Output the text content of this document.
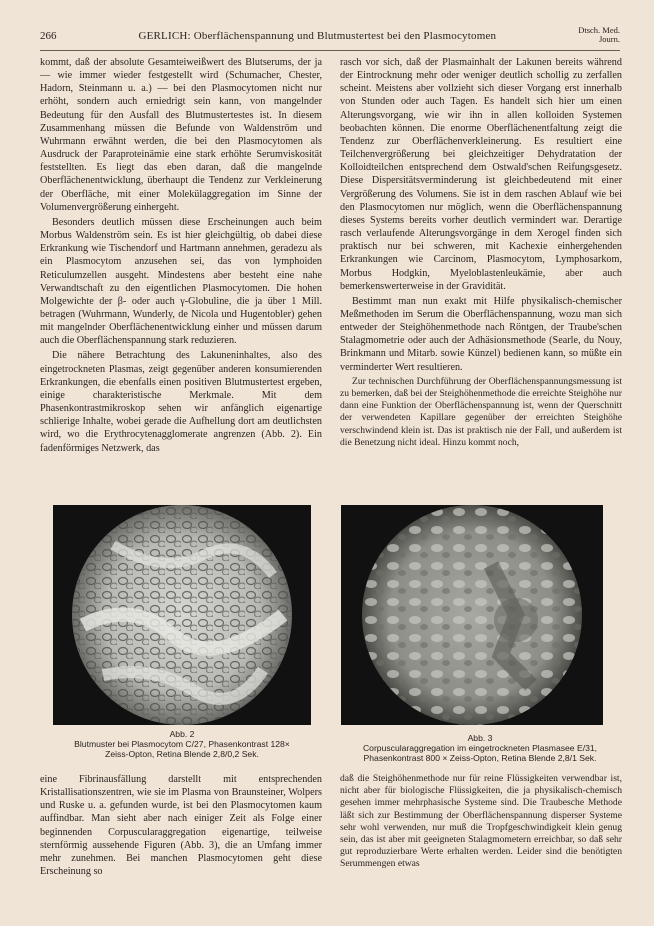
266	GERLICH: Oberflächenspannung und Blutmustertest bei den Plasmocytomen	Dtsch. Med.
Journ.

kommt, daß der absolute Gesamteiweißwert des Blutserums, der ja — wie immer wieder festgestellt wird (Schumacher, Chester, Hadorn, Steinmann u. a.) — bei den Plasmocytomen nicht nur erhöht, sondern auch erniedrigt sein kann, von mangelnder Bedeutung für den Ausfall des Blutmustertestes ist. In diesem Zusammenhang müssen die Befunde von Waldenström und Wuhrmann erwähnt werden, die bei den Plasmocytomen als Ausdruck der Paraproteinämie eine stark erhöhte Serumviskosität feststellten. Es liegt das eben daran, daß die mangelnde Oberflächenentwicklung, überhaupt die Tendenz zur Verkleinerung der Oberfläche, mit einer Molekülaggregation im Sinne der Volumenvergrößerung einhergeht.

Besonders deutlich müssen diese Erscheinungen auch beim Morbus Waldenström sein. Es ist hier gleichgültig, ob dabei diese Erkrankung wie Tischendorf und Hartmann annehmen, geradezu als ein Plasmocytom anzusehen sei, das von lymphoiden Reticulumzellen ausgeht. Mindestens aber besteht eine nahe Verwandtschaft zu den eigentlichen Plasmocytomen. Die hohen Molgewichte der β- oder auch γ-Globuline, die ja über 1 Mill. betragen (Wuhrmann, Wunderly, de Nicola und Hugentobler) gehen mit mangelnder Oberflächenentwicklung einher und müssen darum auch die Oberflächenspannung stark reduzieren.

Die nähere Betrachtung des Lakuneninhaltes, also des eingetrockneten Plasmas, zeigt gegenüber anderen konsumierenden Erkrankungen, die ebenfalls einen positiven Blutmustertest ergeben, einige charakteristische Merkmale. Mit dem Phasenkontrastmikroskop sehen wir anfänglich eigenartige schlierige Inhalte, wobei gerade die Aufhellung dort am deutlichsten wird, wo die Erythrocytenagglomerate angrenzen (Abb. 2). Ein fadenförmiges Netzwerk, das

rasch vor sich, daß der Plasmainhalt der Lakunen bereits während der Eintrocknung mehr oder weniger deutlich schollig zu zerfallen scheint. Meistens aber vollzieht sich dieser Vorgang erst innerhalb von Stunden oder auch Tagen. Es handelt sich hier um einen Alterungsvorgang, wie wir ihn in allen kolloiden Systemen beobachten können. Die enorme Oberflächenentfaltung zeigt die Tendenz zur Oberflächenverkleinerung. Es resultiert eine Teilchenvergrößerung bei gleichzeitiger Dehydratation der Kolloidteilchen entsprechend dem Ostwald'schen Reifungsgesetz. Diese Dispersitätsverminderung ist gleichbedeutend mit einer Vergrößerung des Volumens. Sie ist in dem raschen Ablauf wie bei den Plasmocytomen nur möglich, wenn die Oberflächenspannung dieses Systems bereits vorher deutlich vermindert war. Derartige rasch verlaufende Alterungsvorgänge in dem Xerogel finden sich praktisch nur bei schweren, mit Kachexie einhergehenden Erkrankungen wie Carcinom, Plasmocytom, Lymphosarkom, Morbus Hodgkin, Myeloblastenleukämie, aber auch bemerkenswerterweise in der Gravidität.

Bestimmt man nun exakt mit Hilfe physikalisch-chemischer Meßmethoden im Serum die Oberflächenspannung, wozu man sich entweder der Steighöhenmethode nach Röntgen, der Traube'schen Stalagmometrie oder auch der Adhäsionsmethode (Searle, du Nouy, Brinkmann und Mitarb. sowie Künzel) bedienen kann, so müßte ein verminderter Wert resultieren.

Zur technischen Durchführung der Oberflächenspannungsmessung ist zu bemerken, daß bei der Steighöhenmethode die erreichte Steighöhe nur dann eine Funktion der Oberflächenspannung ist, wenn der Querschnitt der verwendeten Kapillare gegenüber der erreichten Steighöhe verschwindend klein ist. Das ist praktisch nie der Fall, und außerdem ist die Benetzung nicht ideal. Hinzu kommt noch,

Abb. 2
Blutmuster bei Plasmocytom C/27, Phasenkontrast 128×
Zeiss-Opton, Retina Blende 2,8/0,2 Sek.
Abb. 3
Corpuscularaggregation im eingetrockneten Plasmasee E/31,
Phasenkontrast 800 × Zeiss-Opton, Retina Blende 2,8/1 Sek.

eine Fibrinausfällung darstellt mit entsprechenden Kristallisationszentren, wie sie im Plasma von Braunsteiner, Wolpers und Ruske u. a. gefunden wurde, ist bei den Plasmocytomen kaum auffindbar. Man sieht aber nach einiger Zeit als Folge einer beginnenden Corpuscularaggregation eigenartige, teilweise sternförmig aussehende Figuren (Abb. 3), die an Umfang immer mehr zunehmen. Bei manchen Plasmocytomen geht diese Erscheinung so

daß die Steighöhenmethode nur für reine Flüssigkeiten verwendbar ist, nicht aber für biologische Flüssigkeiten, die ja physikalisch-chemisch gesehen immer mehrphasische Systeme sind. Die Traubesche Methode läßt sich zur Bestimmung der Oberflächenspannung disperser Systeme sehr wohl verwenden, nur muß die Tropfgeschwindigkeit klein genug sein, das ist aber mit geeigneten Stalagmometern erreichbar, so daß sehr gut reproduzierbare Werte erhalten werden. Leider sind die benötigten Serummengen etwas
